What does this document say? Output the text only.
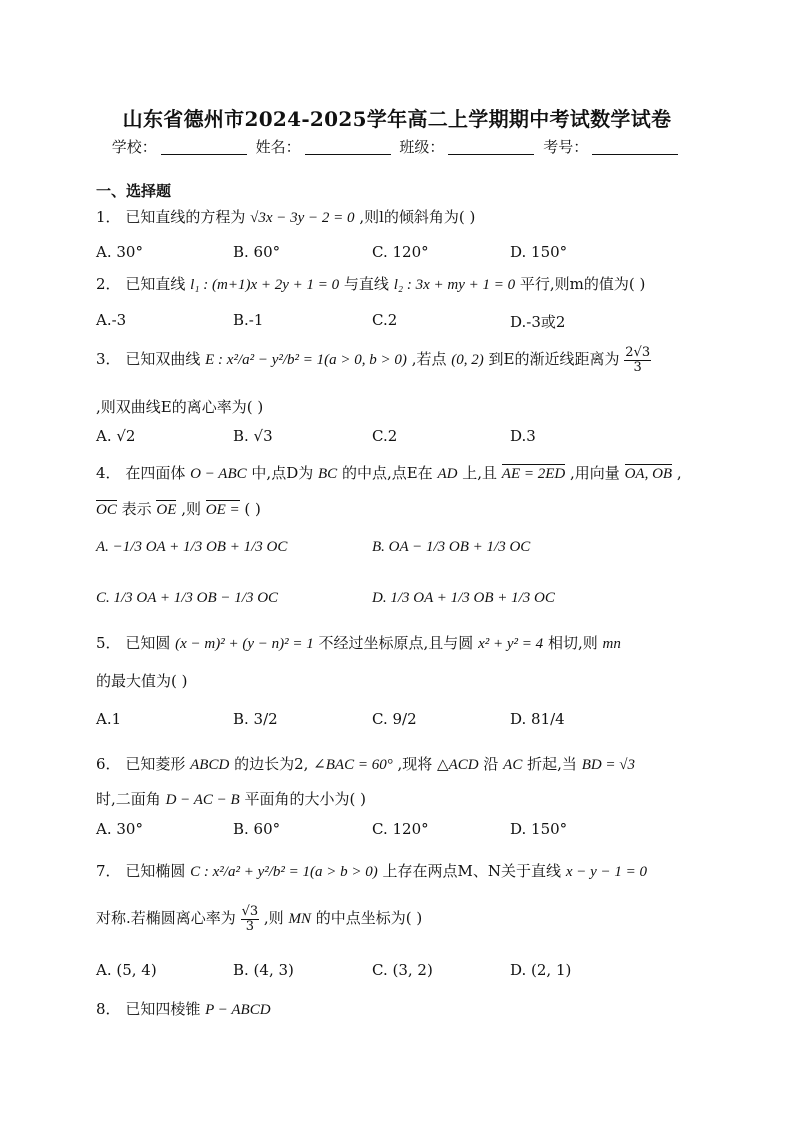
山东省德州市2024-2025学年高二上学期期中考试数学试卷
学校：	姓名：	班级：	考号：
一、选择题
1． 已知直线的方程为 √3x − 3y − 2 = 0 ,则l的倾斜角为( )
A. 30°	B. 60°	C. 120°	D. 150°
2． 已知直线 l₁ : (m+1)x + 2y + 1 = 0 与直线 l₂ : 3x + my + 1 = 0 平行,则m的值为( )
A.-3	B.-1	C.2	D.-3或2
3． 已知双曲线 E : x²/a² − y²/b² = 1(a > 0, b > 0) ,若点 (0, 2) 到E的渐近线距离为 $\frac{2√3}{3}$
,则双曲线E的离心率为( )
A. √2	B. √3	C.2	D.3
4． 在四面体 O − ABC 中,点D为 BC 的中点,点E在 AD 上,且 AE = 2ED ,用向量 OA, OB ,
OC 表示 OE ,则 OE = ( )
A. −1/3 OA + 1/3 OB + 1/3 OC	B. OA − 1/3 OB + 1/3 OC
C. 1/3 OA + 1/3 OB − 1/3 OC	D. 1/3 OA + 1/3 OB + 1/3 OC
5． 已知圆 (x − m)² + (y − n)² = 1 不经过坐标原点,且与圆 x² + y² = 4 相切,则 mn
的最大值为( )
A.1	B. 3/2	C. 9/2	D. 81/4
6． 已知菱形 ABCD 的边长为2, ∠BAC = 60° ,现将 △ACD 沿 AC 折起,当 BD = √3
时,二面角 D − AC − B 平面角的大小为( )
A. 30°	B. 60°	C. 120°	D. 150°
7． 已知椭圆 C : x²/a² + y²/b² = 1(a > b > 0) 上存在两点M、N关于直线 x − y − 1 = 0
对称.若椭圆离心率为 $\frac{√3}{3}$ ,则 MN 的中点坐标为( )
A. (5, 4)	B. (4, 3)	C. (3, 2)	D. (2, 1)
8． 已知四棱锥 P − ABCD
